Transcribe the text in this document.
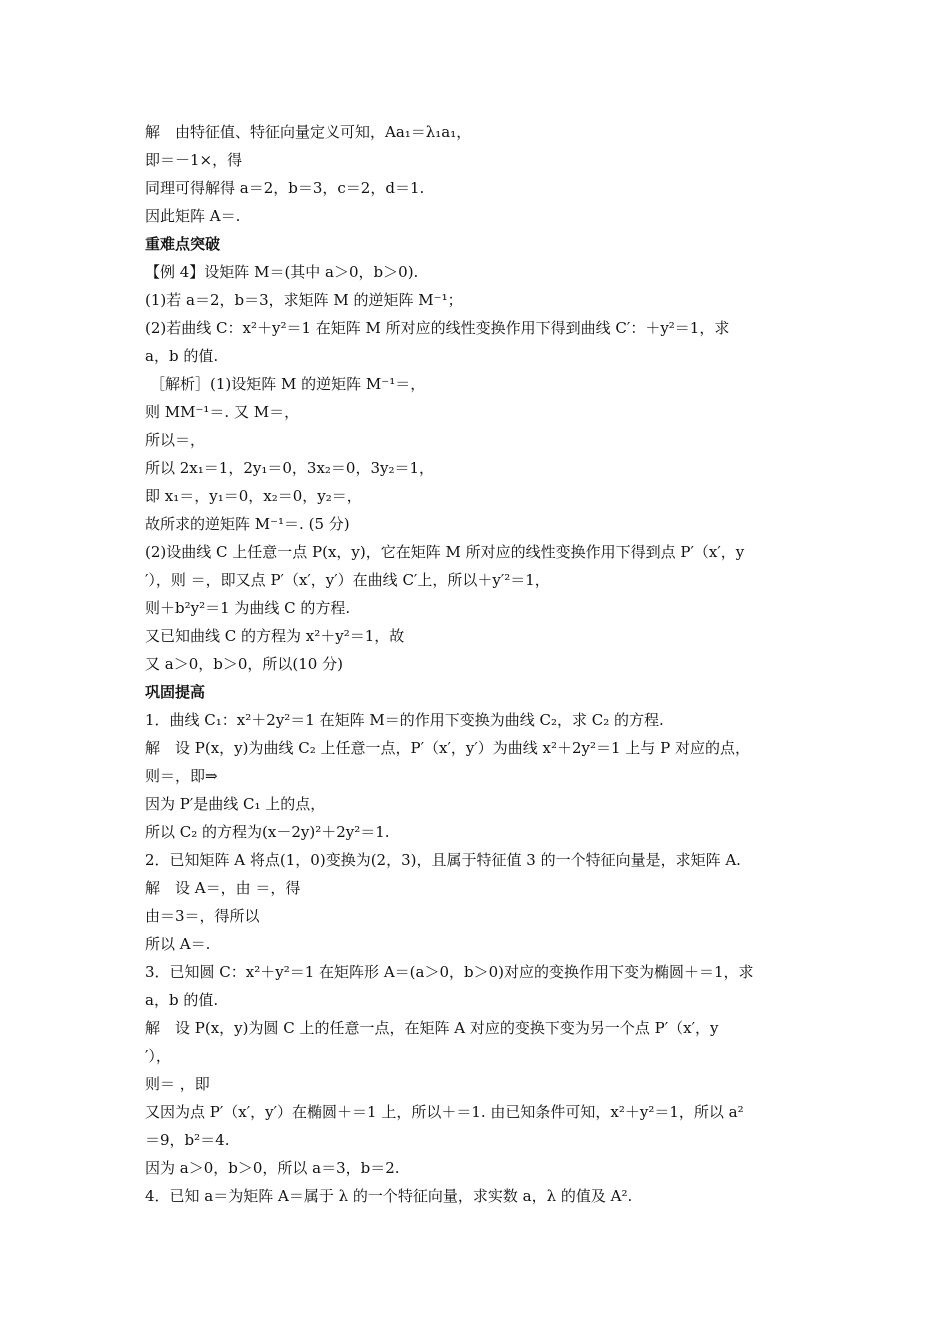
解　由特征值、特征向量定义可知，Aa₁＝λ₁a₁，
即＝－1×，得
同理可得解得 a＝2，b＝3，c＝2，d＝1.
因此矩阵 A＝.
重难点突破
【例 4】设矩阵 M＝(其中 a＞0，b＞0).
(1)若 a＝2，b＝3，求矩阵 M 的逆矩阵 M⁻¹；
(2)若曲线 C：x²＋y²＝1 在矩阵 M 所对应的线性变换作用下得到曲线 C′：＋y²＝1，求
a，b 的值.
［解析］(1)设矩阵 M 的逆矩阵 M⁻¹＝，
则 MM⁻¹＝. 又 M＝，
所以＝，
所以 2x₁＝1，2y₁＝0，3x₂＝0，3y₂＝1，
即 x₁＝，y₁＝0，x₂＝0，y₂＝，
故所求的逆矩阵 M⁻¹＝. (5 分)
(2)设曲线 C 上任意一点 P(x，y)，它在矩阵 M 所对应的线性变换作用下得到点 P′（x′，y
′），则 ＝，即又点 P′（x′，y′）在曲线 C′上，所以＋y′²＝1，
则＋b²y²＝1 为曲线 C 的方程.
又已知曲线 C 的方程为 x²＋y²＝1，故
又 a＞0，b＞0，所以(10 分)
巩固提高
1．曲线 C₁：x²＋2y²＝1 在矩阵 M＝的作用下变换为曲线 C₂，求 C₂ 的方程.
解　设 P(x，y)为曲线 C₂ 上任意一点，P′（x′，y′）为曲线 x²＋2y²＝1 上与 P 对应的点，
则＝，即⇒
因为 P′是曲线 C₁ 上的点，
所以 C₂ 的方程为(x－2y)²＋2y²＝1.
2．已知矩阵 A 将点(1，0)变换为(2，3)，且属于特征值 3 的一个特征向量是，求矩阵 A.
解　设 A＝，由 ＝，得
由＝3＝，得所以
所以 A＝.
3．已知圆 C：x²＋y²＝1 在矩阵形 A＝(a＞0，b＞0)对应的变换作用下变为椭圆＋＝1，求
a，b 的值.
解　设 P(x，y)为圆 C 上的任意一点，在矩阵 A 对应的变换下变为另一个点 P′（x′，y
′），
则＝ ，即
又因为点 P′（x′，y′）在椭圆＋＝1 上，所以＋＝1. 由已知条件可知，x²＋y²＝1，所以 a²
＝9，b²＝4.
因为 a＞0，b＞0，所以 a＝3，b＝2.
4．已知 a＝为矩阵 A＝属于 λ 的一个特征向量，求实数 a，λ 的值及 A².
